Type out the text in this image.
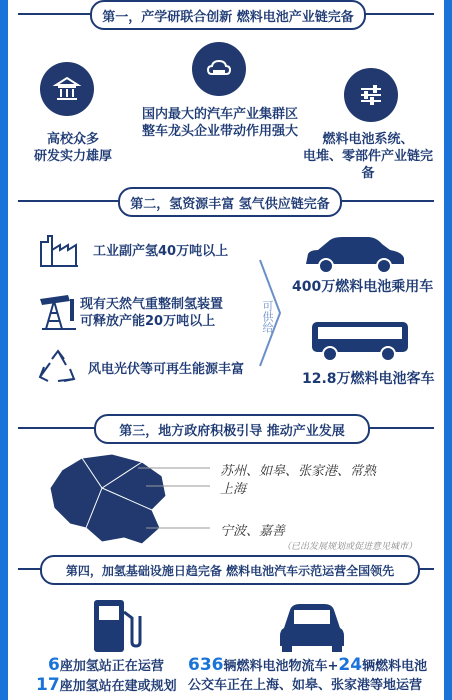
第一，产学研联合创新 燃料电池产业链完备
高校众多
研发实力雄厚
国内最大的汽车产业集群区
整车龙头企业带动作用强大
燃料电池系统、
电堆、零部件产业链完备
第二，氢资源丰富 氢气供应链完备
工业副产氢40万吨以上
现有天然气重整制氢装置
可释放产能20万吨以上
风电光伏等可再生能源丰富
可供给
400万燃料电池乘用车
12.8万燃料电池客车
第三，地方政府积极引导 推动产业发展
苏州、如皋、张家港、常熟
上海
宁波、嘉善
（已出发展规划或促进意见城市）
第四，加氢基础设施日趋完备 燃料电池汽车示范运营全国领先
6座加氢站正在运营
17座加氢站在建或规划
636辆燃料电池物流车+24辆燃料电池
公交车正在上海、如皋、张家港等地运营
